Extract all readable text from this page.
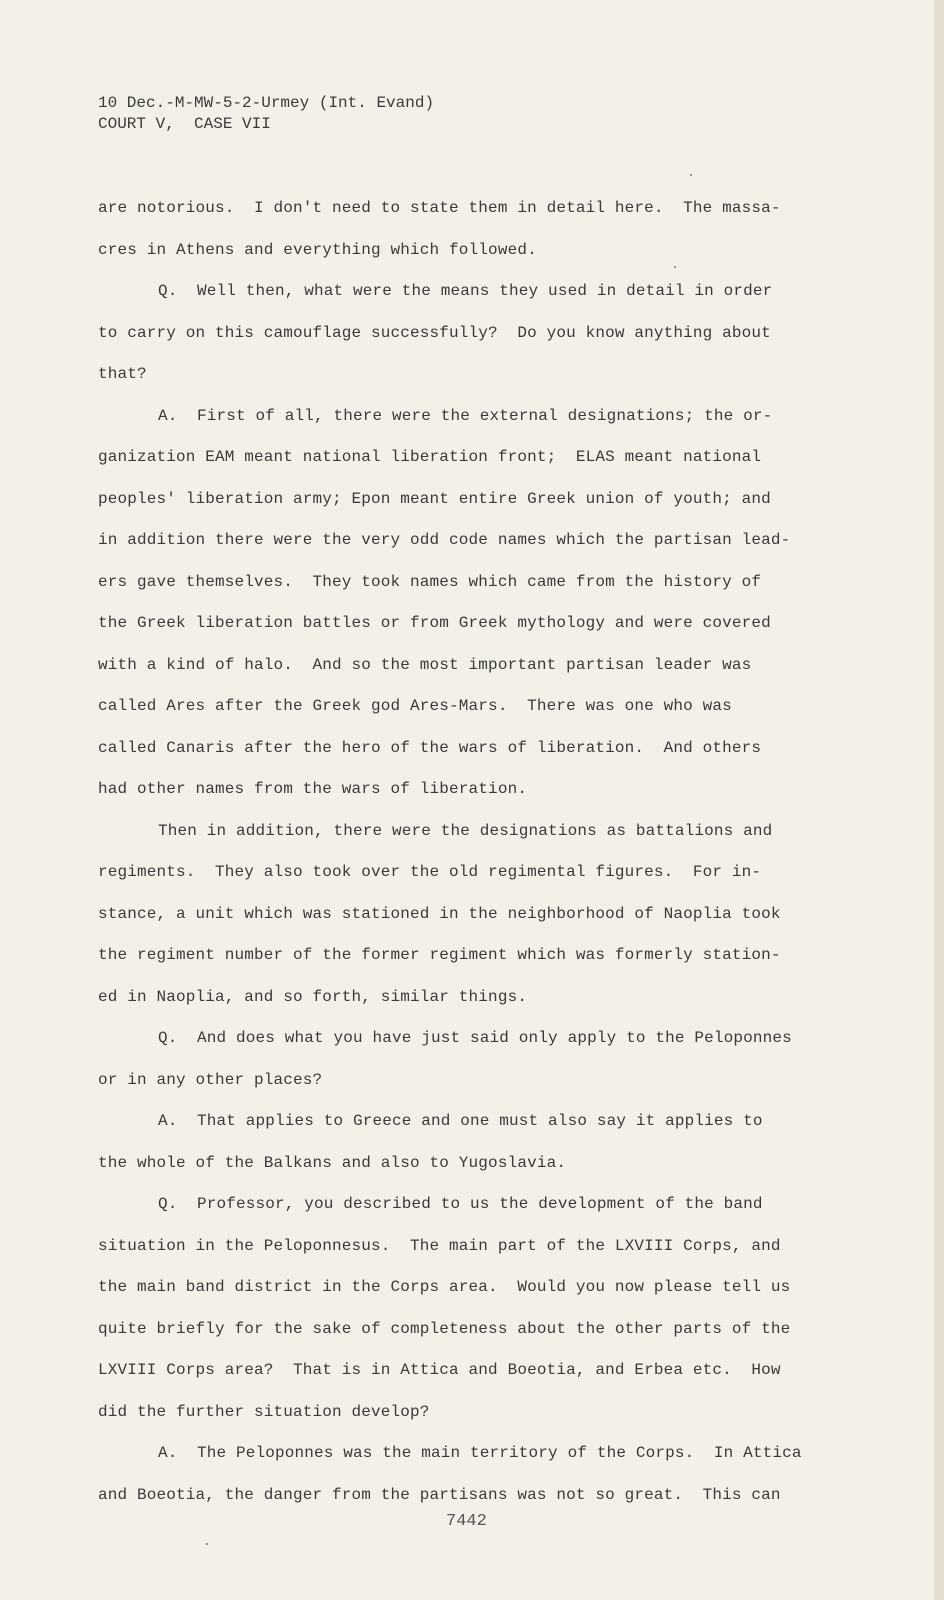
10 Dec.-M-MW-5-2-Urmey (Int. Evand)
COURT V,  CASE VII
are notorious.  I don't need to state them in detail here.  The massa-
cres in Athens and everything which followed.
Q.  Well then, what were the means they used in detail in order
to carry on this camouflage successfully?  Do you know anything about
that?
A.  First of all, there were the external designations; the or-
ganization EAM meant national liberation front;  ELAS meant national
peoples' liberation army; Epon meant entire Greek union of youth; and
in addition there were the very odd code names which the partisan lead-
ers gave themselves.  They took names which came from the history of
the Greek liberation battles or from Greek mythology and were covered
with a kind of halo.  And so the most important partisan leader was
called Ares after the Greek god Ares-Mars.  There was one who was
called Canaris after the hero of the wars of liberation.  And others
had other names from the wars of liberation.
Then in addition, there were the designations as battalions and
regiments.  They also took over the old regimental figures.  For in-
stance, a unit which was stationed in the neighborhood of Naoplia took
the regiment number of the former regiment which was formerly station-
ed in Naoplia, and so forth, similar things.
Q.  And does what you have just said only apply to the Peloponnes
or in any other places?
A.  That applies to Greece and one must also say it applies to
the whole of the Balkans and also to Yugoslavia.
Q.  Professor, you described to us the development of the band
situation in the Peloponnesus.  The main part of the LXVIII Corps, and
the main band district in the Corps area.  Would you now please tell us
quite briefly for the sake of completeness about the other parts of the
LXVIII Corps area?  That is in Attica and Boeotia, and Erbea etc.  How
did the further situation develop?
A.  The Peloponnes was the main territory of the Corps.  In Attica
and Boeotia, the danger from the partisans was not so great.  This can
7442
